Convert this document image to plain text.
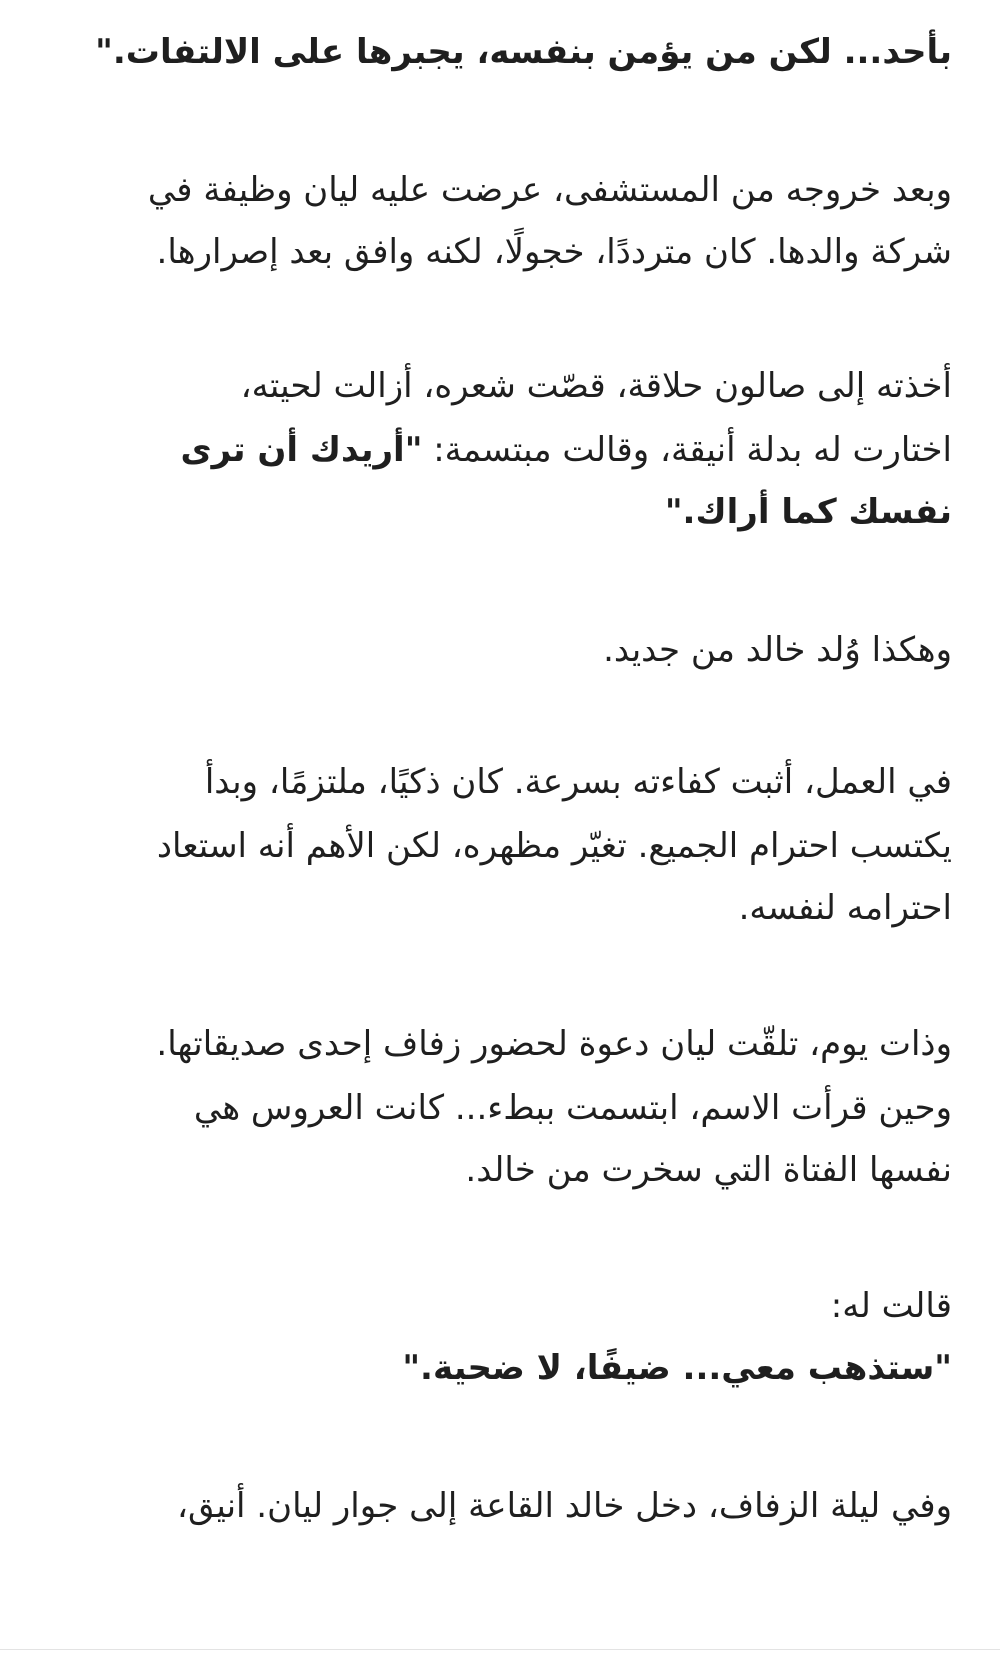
بأحد... لكن من يؤمن بنفسه، يجبرها على الالتفات."
وبعد خروجه من المستشفى، عرضت عليه ليان وظيفة في
شركة والدها. كان مترددًا، خجولًا، لكنه وافق بعد إصرارها.
أخذته إلى صالون حلاقة، قصّت شعره، أزالت لحيته،
اختارت له بدلة أنيقة، وقالت مبتسمة: "أريدك أن ترى
نفسك كما أراك."
وهكذا وُلد خالد من جديد.
في العمل، أثبت كفاءته بسرعة. كان ذكيًا، ملتزمًا، وبدأ
يكتسب احترام الجميع. تغيّر مظهره، لكن الأهم أنه استعاد
احترامه لنفسه.
وذات يوم، تلقّت ليان دعوة لحضور زفاف إحدى صديقاتها.
وحين قرأت الاسم، ابتسمت ببطء... كانت العروس هي
نفسها الفتاة التي سخرت من خالد.
قالت له:
"ستذهب معي... ضيفًا، لا ضحية."
وفي ليلة الزفاف، دخل خالد القاعة إلى جوار ليان. أنيق،
